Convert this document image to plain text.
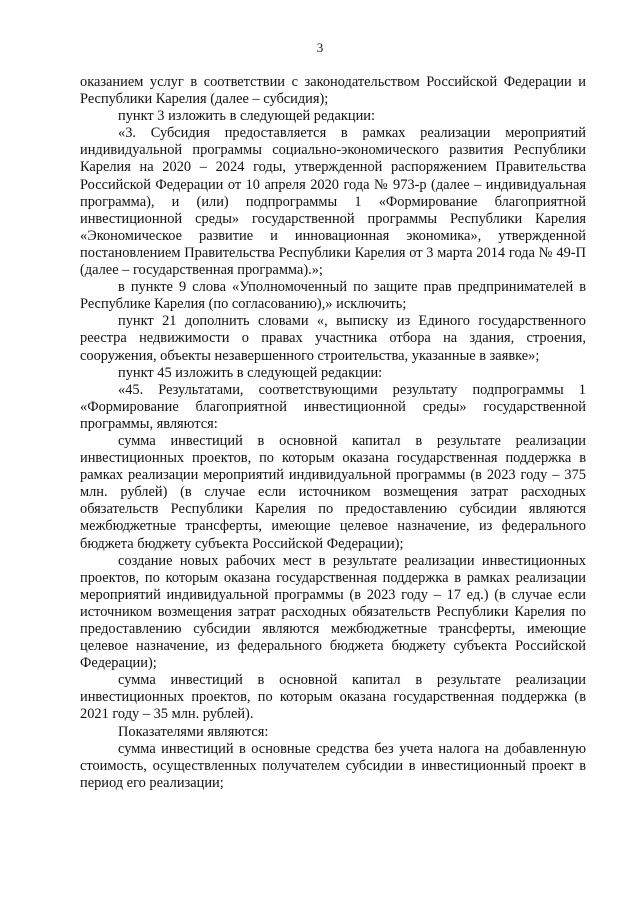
3

оказанием услуг в соответствии с законодательством Российской Федерации и Республики Карелия (далее – субсидия);

пункт 3 изложить в следующей редакции:

«3. Субсидия предоставляется в рамках реализации мероприятий индивидуальной программы социально-экономического развития Республики Карелия на 2020 – 2024 годы, утвержденной распоряжением Правительства Российской Федерации от 10 апреля 2020 года № 973-р (далее – индивидуальная программа), и (или) подпрограммы 1 «Формирование благоприятной инвестиционной среды» государственной программы Республики Карелия «Экономическое развитие и инновационная экономика», утвержденной постановлением Правительства Республики Карелия от 3 марта 2014 года № 49-П (далее – государственная программа).»;

в пункте 9 слова «Уполномоченный по защите прав предпринимателей в Республике Карелия (по согласованию),» исключить;

пункт 21 дополнить словами «, выписку из Единого государственного реестра недвижимости о правах участника отбора на здания, строения, сооружения, объекты незавершенного строительства, указанные в заявке»;

пункт 45 изложить в следующей редакции:

«45. Результатами, соответствующими результату подпрограммы 1 «Формирование благоприятной инвестиционной среды» государственной программы, являются:

сумма инвестиций в основной капитал в результате реализации инвестиционных проектов, по которым оказана государственная поддержка в рамках реализации мероприятий индивидуальной программы (в 2023 году – 375 млн. рублей) (в случае если источником возмещения затрат расходных обязательств Республики Карелия по предоставлению субсидии являются межбюджетные трансферты, имеющие целевое назначение, из федерального бюджета бюджету субъекта Российской Федерации);

создание новых рабочих мест в результате реализации инвестиционных проектов, по которым оказана государственная поддержка в рамках реализации мероприятий индивидуальной программы (в 2023 году – 17 ед.) (в случае если источником возмещения затрат расходных обязательств Республики Карелия по предоставлению субсидии являются межбюджетные трансферты, имеющие целевое назначение, из федерального бюджета бюджету субъекта Российской Федерации);

сумма инвестиций в основной капитал в результате реализации инвестиционных проектов, по которым оказана государственная поддержка (в 2021 году – 35 млн. рублей).

Показателями являются:

сумма инвестиций в основные средства без учета налога на добавленную стоимость, осуществленных получателем субсидии в инвестиционный проект в период его реализации;
